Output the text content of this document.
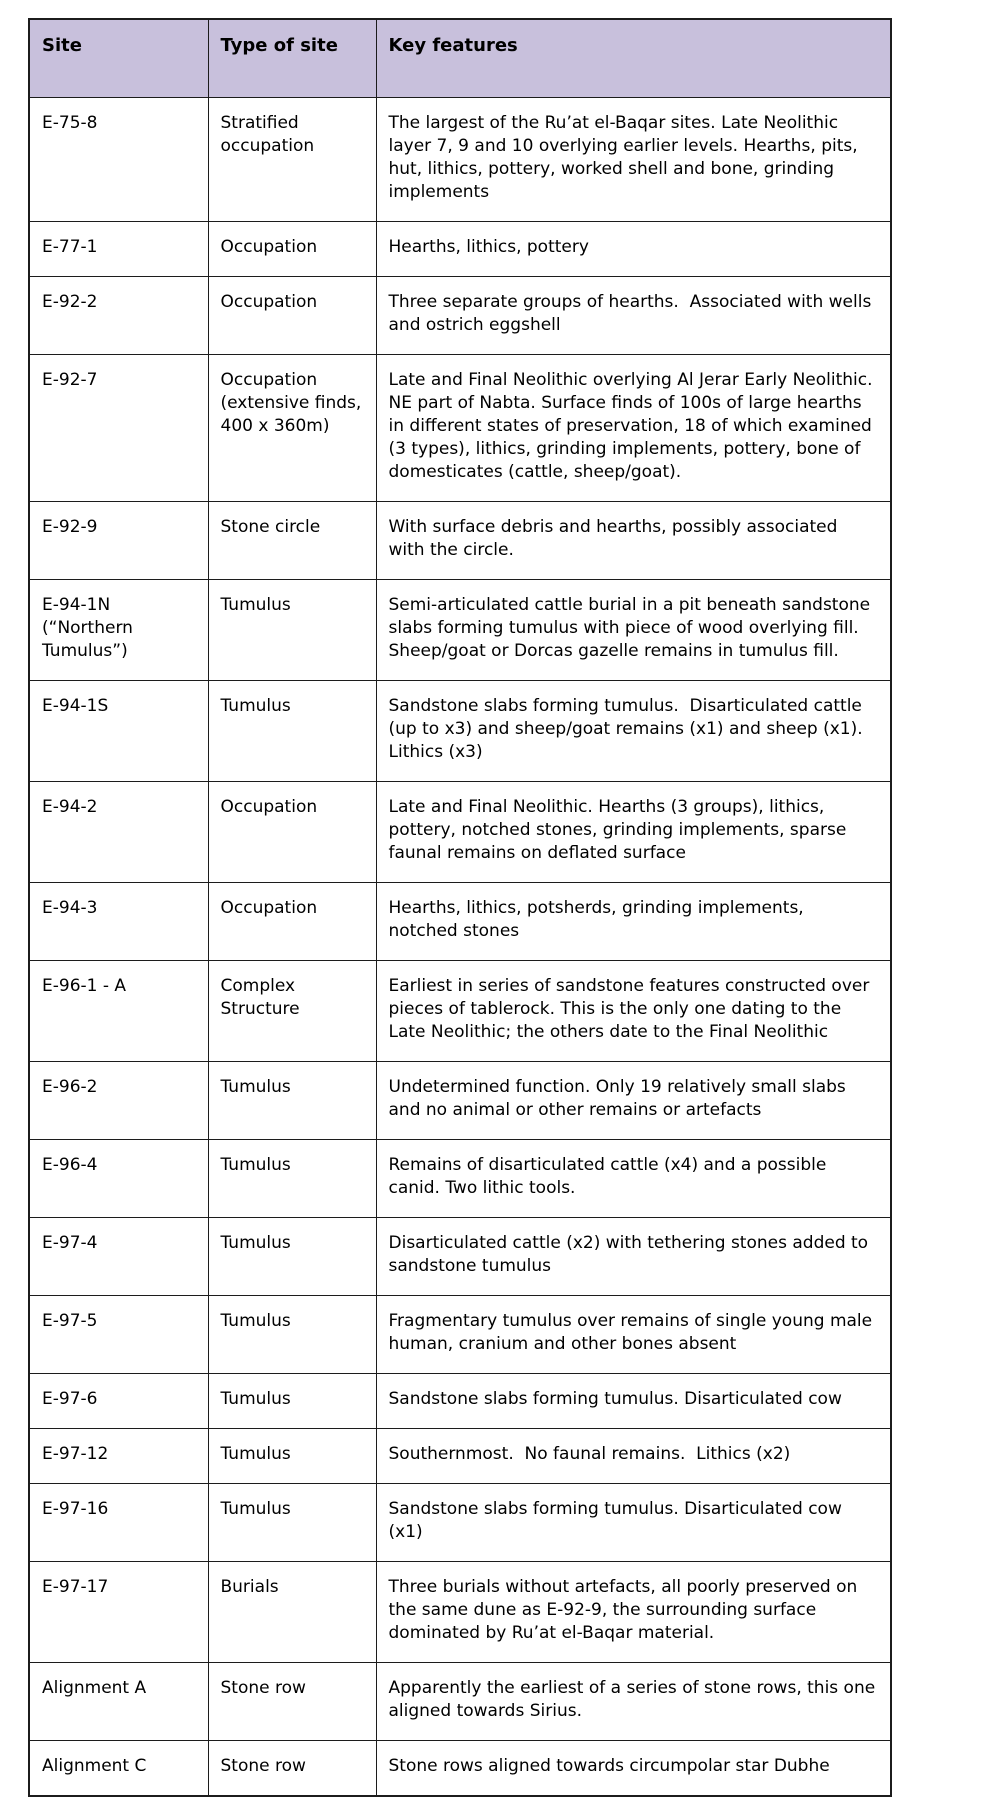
Site	Type of site	Key features
E-75-8	Stratified occupation	The largest of the Ru’at el-Baqar sites. Late Neolithic layer 7, 9 and 10 overlying earlier levels. Hearths, pits, hut, lithics, pottery, worked shell and bone, grinding implements
E-77-1	Occupation	Hearths, lithics, pottery
E-92-2	Occupation	Three separate groups of hearths.  Associated with wells and ostrich eggshell
E-92-7	Occupation (extensive finds, 400 x 360m)	Late and Final Neolithic overlying Al Jerar Early Neolithic. NE part of Nabta. Surface finds of 100s of large hearths in different states of preservation, 18 of which examined (3 types), lithics, grinding implements, pottery, bone of domesticates (cattle, sheep/goat).
E-92-9	Stone circle	With surface debris and hearths, possibly associated with the circle.
E-94-1N (“Northern Tumulus”)	Tumulus	Semi-articulated cattle burial in a pit beneath sandstone slabs forming tumulus with piece of wood overlying fill. Sheep/goat or Dorcas gazelle remains in tumulus fill.
E-94-1S	Tumulus	Sandstone slabs forming tumulus.  Disarticulated cattle (up to x3) and sheep/goat remains (x1) and sheep (x1). Lithics (x3)
E-94-2	Occupation	Late and Final Neolithic. Hearths (3 groups), lithics, pottery, notched stones, grinding implements, sparse faunal remains on deflated surface
E-94-3	Occupation	Hearths, lithics, potsherds, grinding implements, notched stones
E-96-1 - A	Complex Structure	Earliest in series of sandstone features constructed over pieces of tablerock. This is the only one dating to the Late Neolithic; the others date to the Final Neolithic
E-96-2	Tumulus	Undetermined function. Only 19 relatively small slabs and no animal or other remains or artefacts
E-96-4	Tumulus	Remains of disarticulated cattle (x4) and a possible canid. Two lithic tools.
E-97-4	Tumulus	Disarticulated cattle (x2) with tethering stones added to sandstone tumulus
E-97-5	Tumulus	Fragmentary tumulus over remains of single young male human, cranium and other bones absent
E-97-6	Tumulus	Sandstone slabs forming tumulus. Disarticulated cow
E-97-12	Tumulus	Southernmost.  No faunal remains.  Lithics (x2)
E-97-16	Tumulus	Sandstone slabs forming tumulus. Disarticulated cow (x1)
E-97-17	Burials	Three burials without artefacts, all poorly preserved on the same dune as E-92-9, the surrounding surface dominated by Ru’at el-Baqar material.
Alignment A	Stone row	Apparently the earliest of a series of stone rows, this one aligned towards Sirius.
Alignment C	Stone row	Stone rows aligned towards circumpolar star Dubhe
